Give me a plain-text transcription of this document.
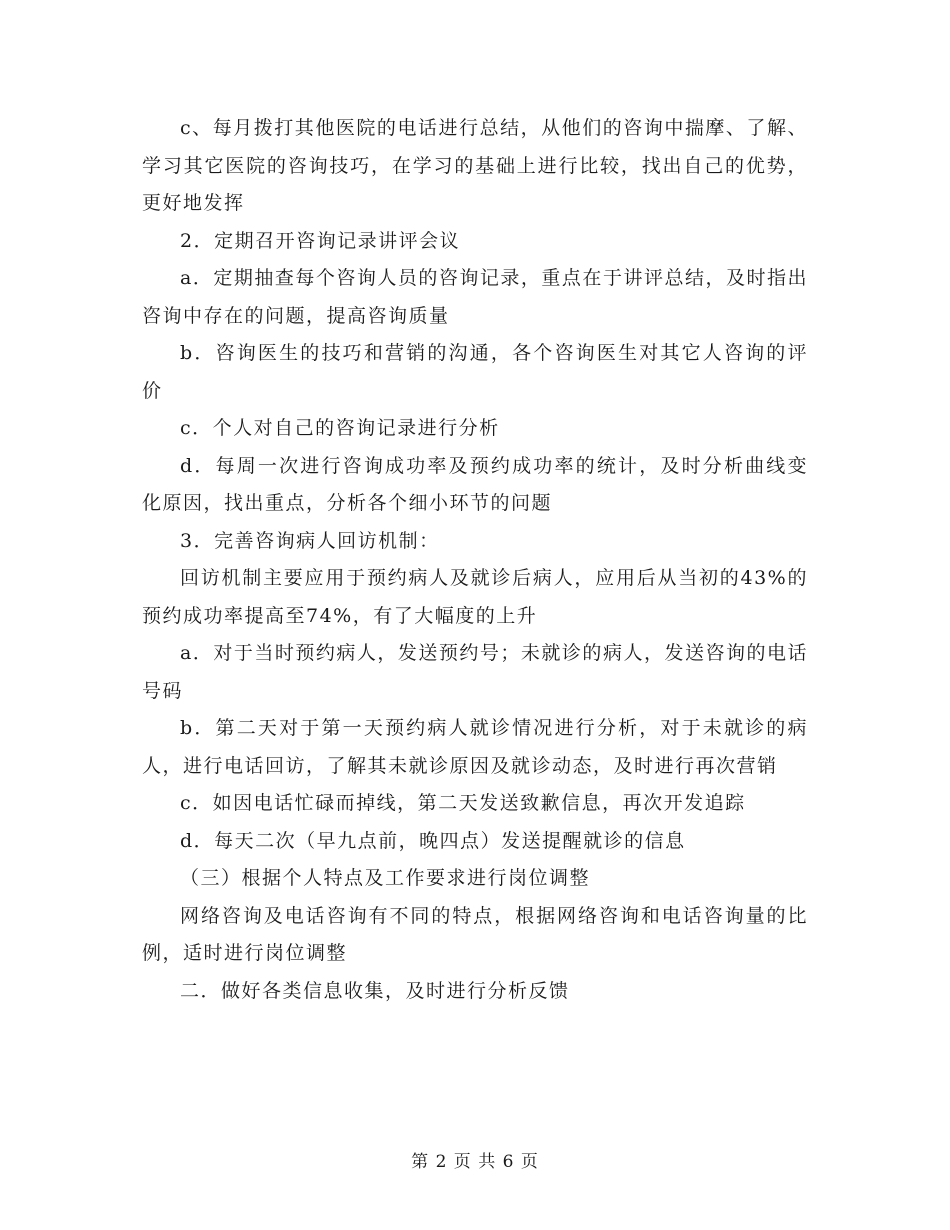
c、每月拨打其他医院的电话进行总结，从他们的咨询中揣摩、了解、学习其它医院的咨询技巧，在学习的基础上进行比较，找出自己的优势，更好地发挥

2．定期召开咨询记录讲评会议

a．定期抽查每个咨询人员的咨询记录，重点在于讲评总结，及时指出咨询中存在的问题，提高咨询质量

b．咨询医生的技巧和营销的沟通，各个咨询医生对其它人咨询的评价

c．个人对自己的咨询记录进行分析

d．每周一次进行咨询成功率及预约成功率的统计，及时分析曲线变化原因，找出重点，分析各个细小环节的问题

3．完善咨询病人回访机制：

回访机制主要应用于预约病人及就诊后病人，应用后从当初的43%的预约成功率提高至74%，有了大幅度的上升

a．对于当时预约病人，发送预约号；未就诊的病人，发送咨询的电话号码

b．第二天对于第一天预约病人就诊情况进行分析，对于未就诊的病人，进行电话回访，了解其未就诊原因及就诊动态，及时进行再次营销

c．如因电话忙碌而掉线，第二天发送致歉信息，再次开发追踪

d．每天二次（早九点前，晚四点）发送提醒就诊的信息

（三）根据个人特点及工作要求进行岗位调整

网络咨询及电话咨询有不同的特点，根据网络咨询和电话咨询量的比例，适时进行岗位调整

二．做好各类信息收集，及时进行分析反馈

第 2 页 共 6 页
